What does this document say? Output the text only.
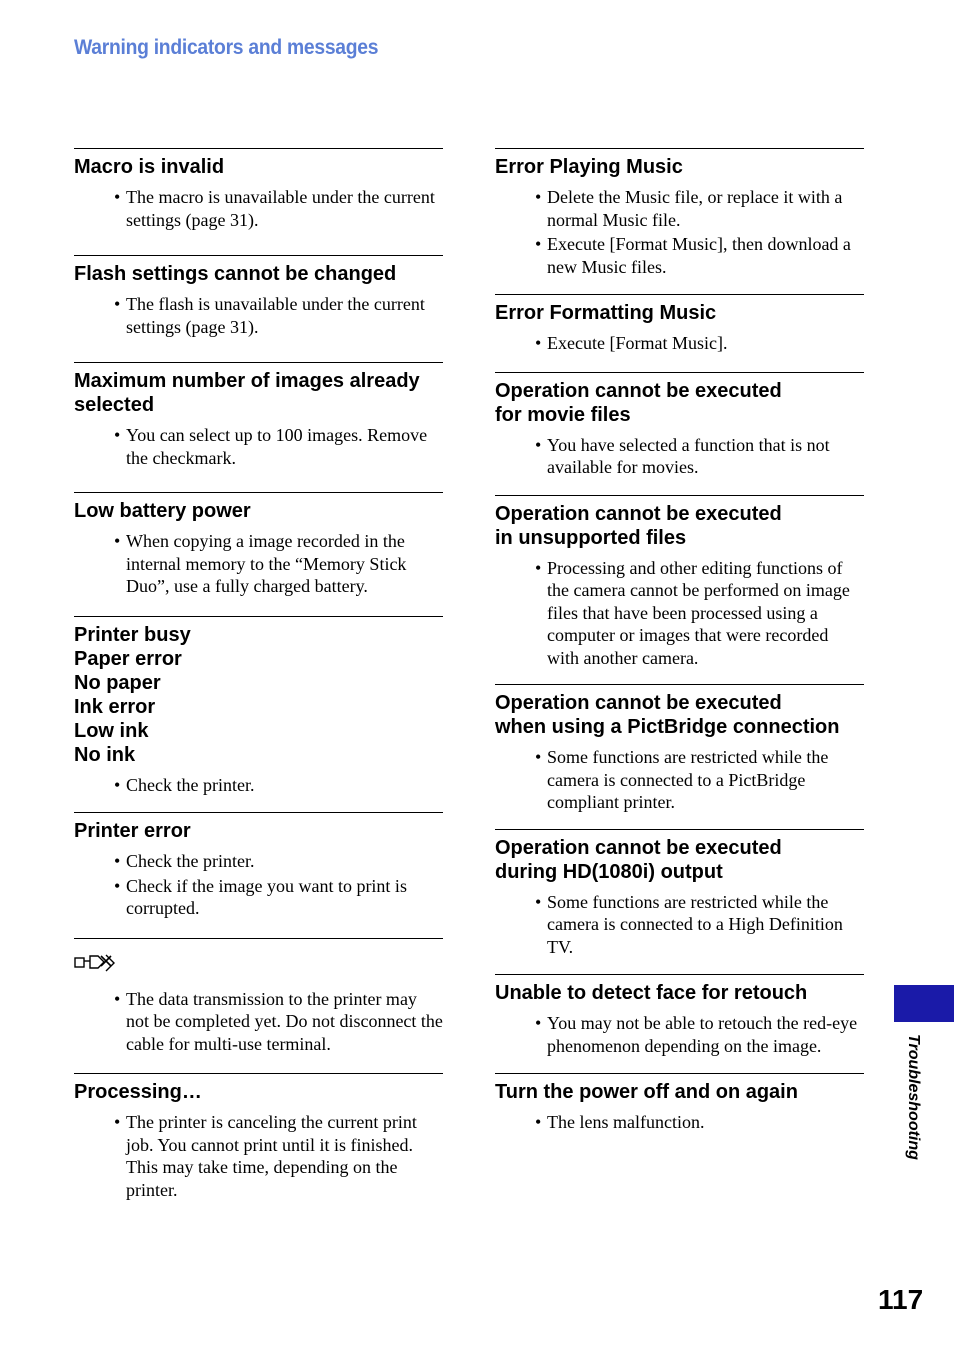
Warning indicators and messages
Macro is invalid
• The macro is unavailable under the current settings (page 31).
Flash settings cannot be changed
• The flash is unavailable under the current settings (page 31).
Maximum number of images already selected
• You can select up to 100 images. Remove the checkmark.
Low battery power
• When copying a image recorded in the internal memory to the “Memory Stick Duo”, use a fully charged battery.
Printer busy
Paper error
No paper
Ink error
Low ink
No ink
• Check the printer.
Printer error
• Check the printer.
• Check if the image you want to print is corrupted.
• The data transmission to the printer may not be completed yet. Do not disconnect the cable for multi-use terminal.
Processing…
• The printer is canceling the current print job. You cannot print until it is finished. This may take time, depending on the printer.
Error Playing Music
• Delete the Music file, or replace it with a normal Music file.
• Execute [Format Music], then download a new Music files.
Error Formatting Music
• Execute [Format Music].
Operation cannot be executed
for movie files
• You have selected a function that is not available for movies.
Operation cannot be executed
in unsupported files
• Processing and other editing functions of the camera cannot be performed on image files that have been processed using a computer or images that were recorded with another camera.
Operation cannot be executed
when using a PictBridge connection
• Some functions are restricted while the camera is connected to a PictBridge compliant printer.
Operation cannot be executed
during HD(1080i) output
• Some functions are restricted while the camera is connected to a High Definition TV.
Unable to detect face for retouch
• You may not be able to retouch the red-eye phenomenon depending on the image.
Turn the power off and on again
• The lens malfunction.	Troubleshooting
117
